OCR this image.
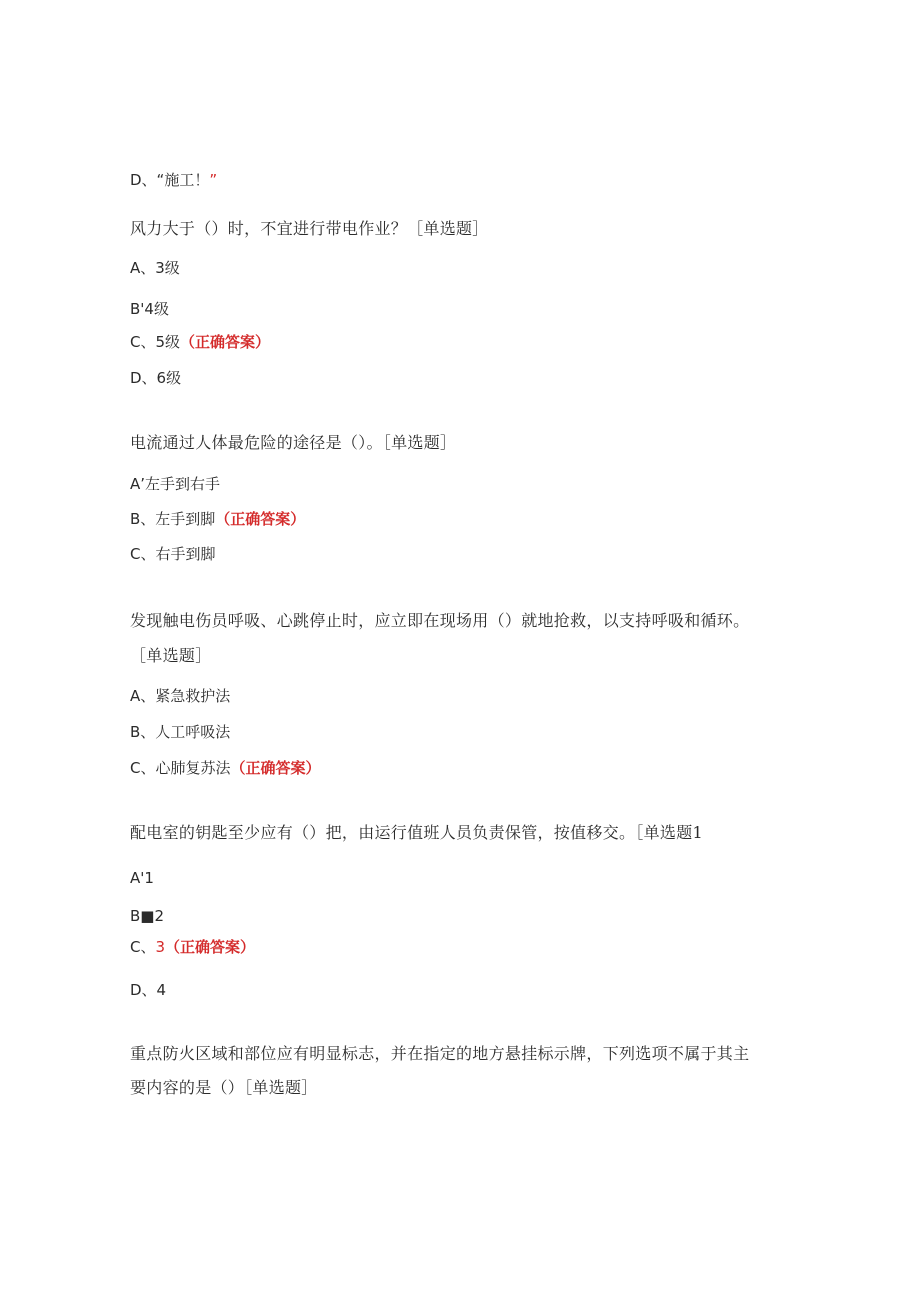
D、“施工！”
风力大于（）时，不宜进行带电作业？［单选题］
A、3级
B'4级
C、5级（正确答案）
D、6级
电流通过人体最危险的途径是（）。［单选题］
A’左手到右手
B、左手到脚（正确答案）
C、右手到脚
发现触电伤员呼吸、心跳停止时，应立即在现场用（）就地抢救，以支持呼吸和循环。
［单选题］
A、紧急救护法
B、人工呼吸法
C、心肺复苏法（正确答案）
配电室的钥匙至少应有（）把，由运行值班人员负责保管，按值移交。［单选题1
A'1
B■2
C、3（正确答案）
D、4
重点防火区域和部位应有明显标志，并在指定的地方悬挂标示牌，下列选项不属于其主
要内容的是（）［单选题］
